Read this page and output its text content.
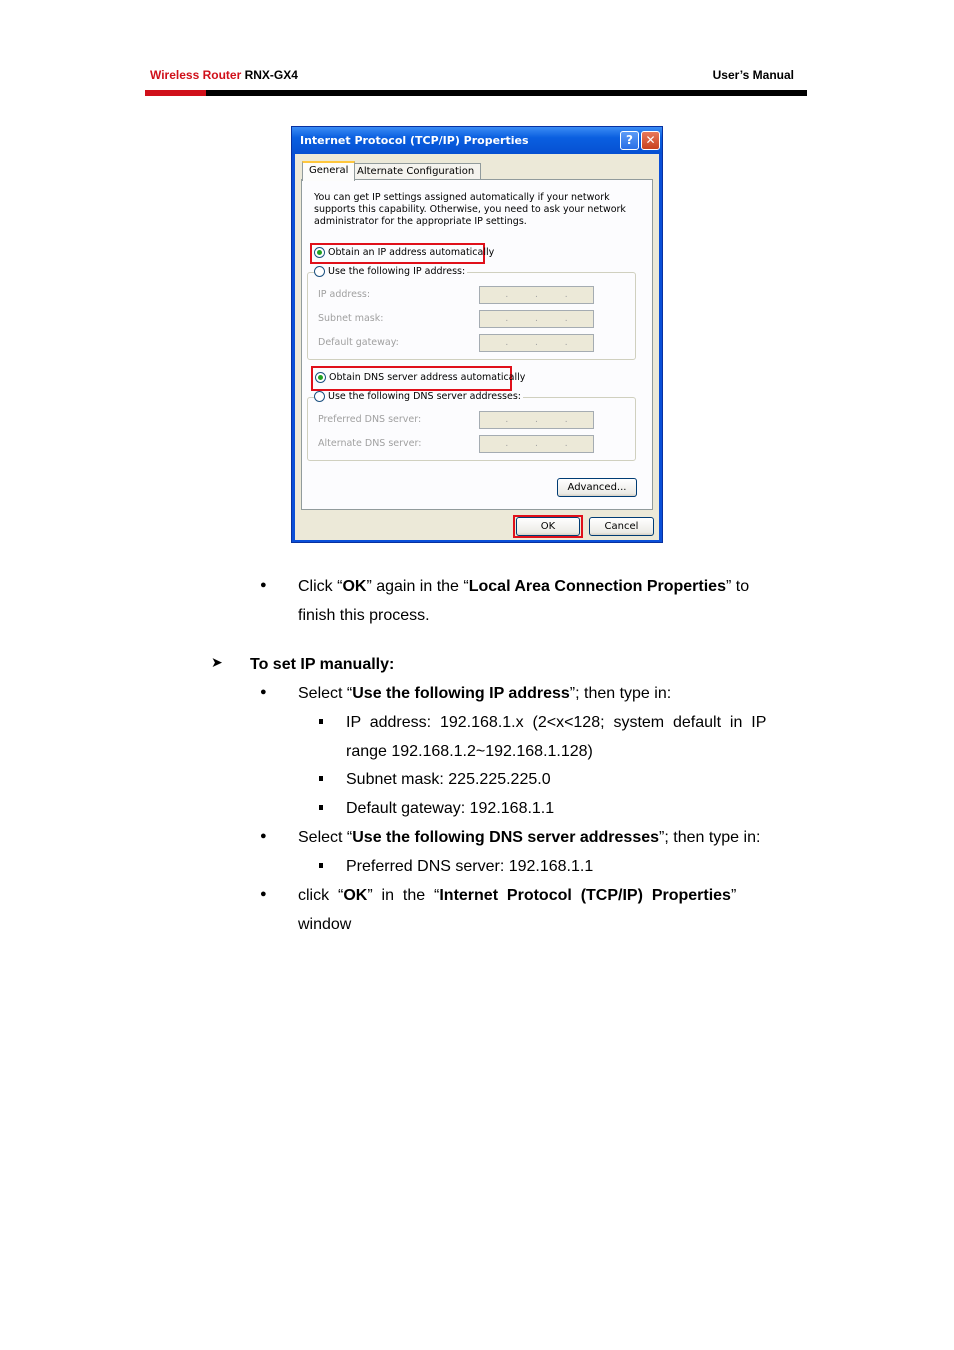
Wireless Router RNX-GX4	User’s Manual
Internet Protocol (TCP/IP) Properties	?	✕
General Alternate Configuration
You can get IP settings assigned automatically if your network supports this capability. Otherwise, you need to ask your network administrator for the appropriate IP settings.
Obtain an IP address automatically
Use the following IP address:
IP address:	.	.	.
Subnet mask:	.	.	.
Default gateway:	.	.	.
Obtain DNS server address automatically
Use the following DNS server addresses:
Preferred DNS server:	.	.	.
Alternate DNS server:	.	.	.
Advanced...
OK	Cancel
● Click “OK” again in the “Local Area Connection Properties” to
finish this process.
➤ To set IP manually:
● Select “Use the following IP address”; then type in:
IP  address:  192.168.1.x  (2<x<128;  system  default  in  IP
range 192.168.1.2~192.168.1.128)
Subnet mask: 225.225.225.0
Default gateway: 192.168.1.1
● Select “Use the following DNS server addresses”; then type in:
Preferred DNS server: 192.168.1.1
● click  “OK”  in  the  “Internet  Protocol  (TCP/IP)  Properties”
window
